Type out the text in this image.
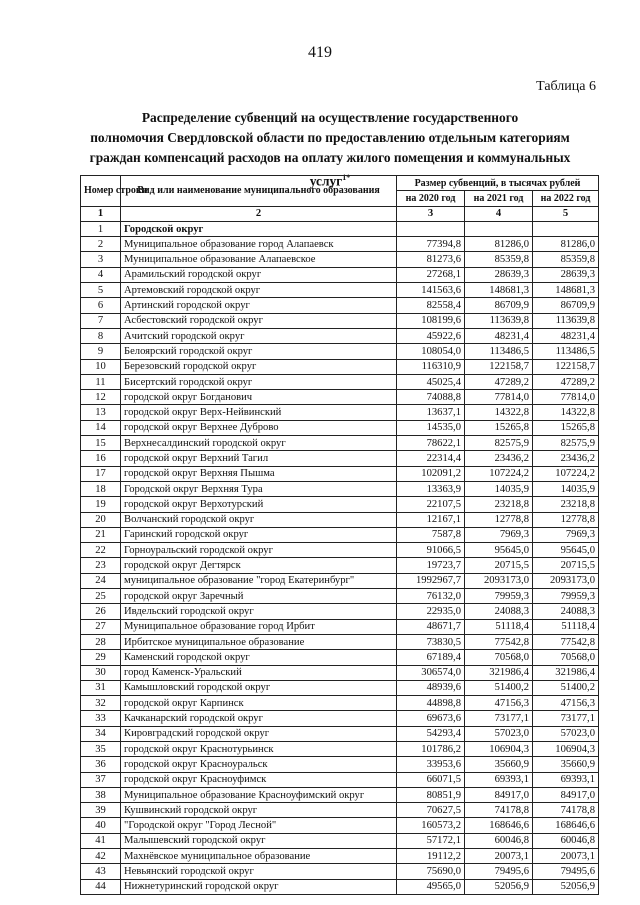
419
Таблица 6
Распределение субвенций на осуществление государственного
полномочия Свердловской области по предоставлению отдельным категориям
граждан компенсаций расходов на оплату жилого помещения и коммунальных услуг$^{1*}$
Номер строки	Вид или наименование муниципального образования	Размер субвенций, в тысячах рублей		
		на 2020 год	на 2021 год	на 2022 год
1	2	3	4	5
1	Городской округ			
2	Муниципальное образование город Алапаевск	77394,8	81286,0	81286,0
3	Муниципальное образование Алапаевское	81273,6	85359,8	85359,8
4	Арамильский городской округ	27268,1	28639,3	28639,3
5	Артемовский городской округ	141563,6	148681,3	148681,3
6	Артинский городской округ	82558,4	86709,9	86709,9
7	Асбестовский городской округ	108199,6	113639,8	113639,8
8	Ачитский городской округ	45922,6	48231,4	48231,4
9	Белоярский городской округ	108054,0	113486,5	113486,5
10	Березовский городской округ	116310,9	122158,7	122158,7
11	Бисертский городской округ	45025,4	47289,2	47289,2
12	городской округ Богданович	74088,8	77814,0	77814,0
13	городской округ Верх-Нейвинский	13637,1	14322,8	14322,8
14	городской округ Верхнее Дуброво	14535,0	15265,8	15265,8
15	Верхнесалдинский городской округ	78622,1	82575,9	82575,9
16	городской округ Верхний Тагил	22314,4	23436,2	23436,2
17	городской округ Верхняя Пышма	102091,2	107224,2	107224,2
18	Городской округ Верхняя Тура	13363,9	14035,9	14035,9
19	городской округ Верхотурский	22107,5	23218,8	23218,8
20	Волчанский городской округ	12167,1	12778,8	12778,8
21	Гаринский городской округ	7587,8	7969,3	7969,3
22	Горноуральский городской округ	91066,5	95645,0	95645,0
23	городской округ Дегтярск	19723,7	20715,5	20715,5
24	муниципальное образование "город Екатеринбург"	1992967,7	2093173,0	2093173,0
25	городской округ Заречный	76132,0	79959,3	79959,3
26	Ивдельский городской округ	22935,0	24088,3	24088,3
27	Муниципальное образование город Ирбит	48671,7	51118,4	51118,4
28	Ирбитское муниципальное образование	73830,5	77542,8	77542,8
29	Каменский городской округ	67189,4	70568,0	70568,0
30	город Каменск-Уральский	306574,0	321986,4	321986,4
31	Камышловский городской округ	48939,6	51400,2	51400,2
32	городской округ Карпинск	44898,8	47156,3	47156,3
33	Качканарский городской округ	69673,6	73177,1	73177,1
34	Кировградский городской округ	54293,4	57023,0	57023,0
35	городской округ Краснотурьинск	101786,2	106904,3	106904,3
36	городской округ Красноуральск	33953,6	35660,9	35660,9
37	городской округ Красноуфимск	66071,5	69393,1	69393,1
38	Муниципальное образование Красноуфимский округ	80851,9	84917,0	84917,0
39	Кушвинский городской округ	70627,5	74178,8	74178,8
40	"Городской округ "Город Лесной"	160573,2	168646,6	168646,6
41	Малышевский городской округ	57172,1	60046,8	60046,8
42	Махнёвское муниципальное образование	19112,2	20073,1	20073,1
43	Невьянский городской округ	75690,0	79495,6	79495,6
44	Нижнетуринский городской округ	49565,0	52056,9	52056,9
